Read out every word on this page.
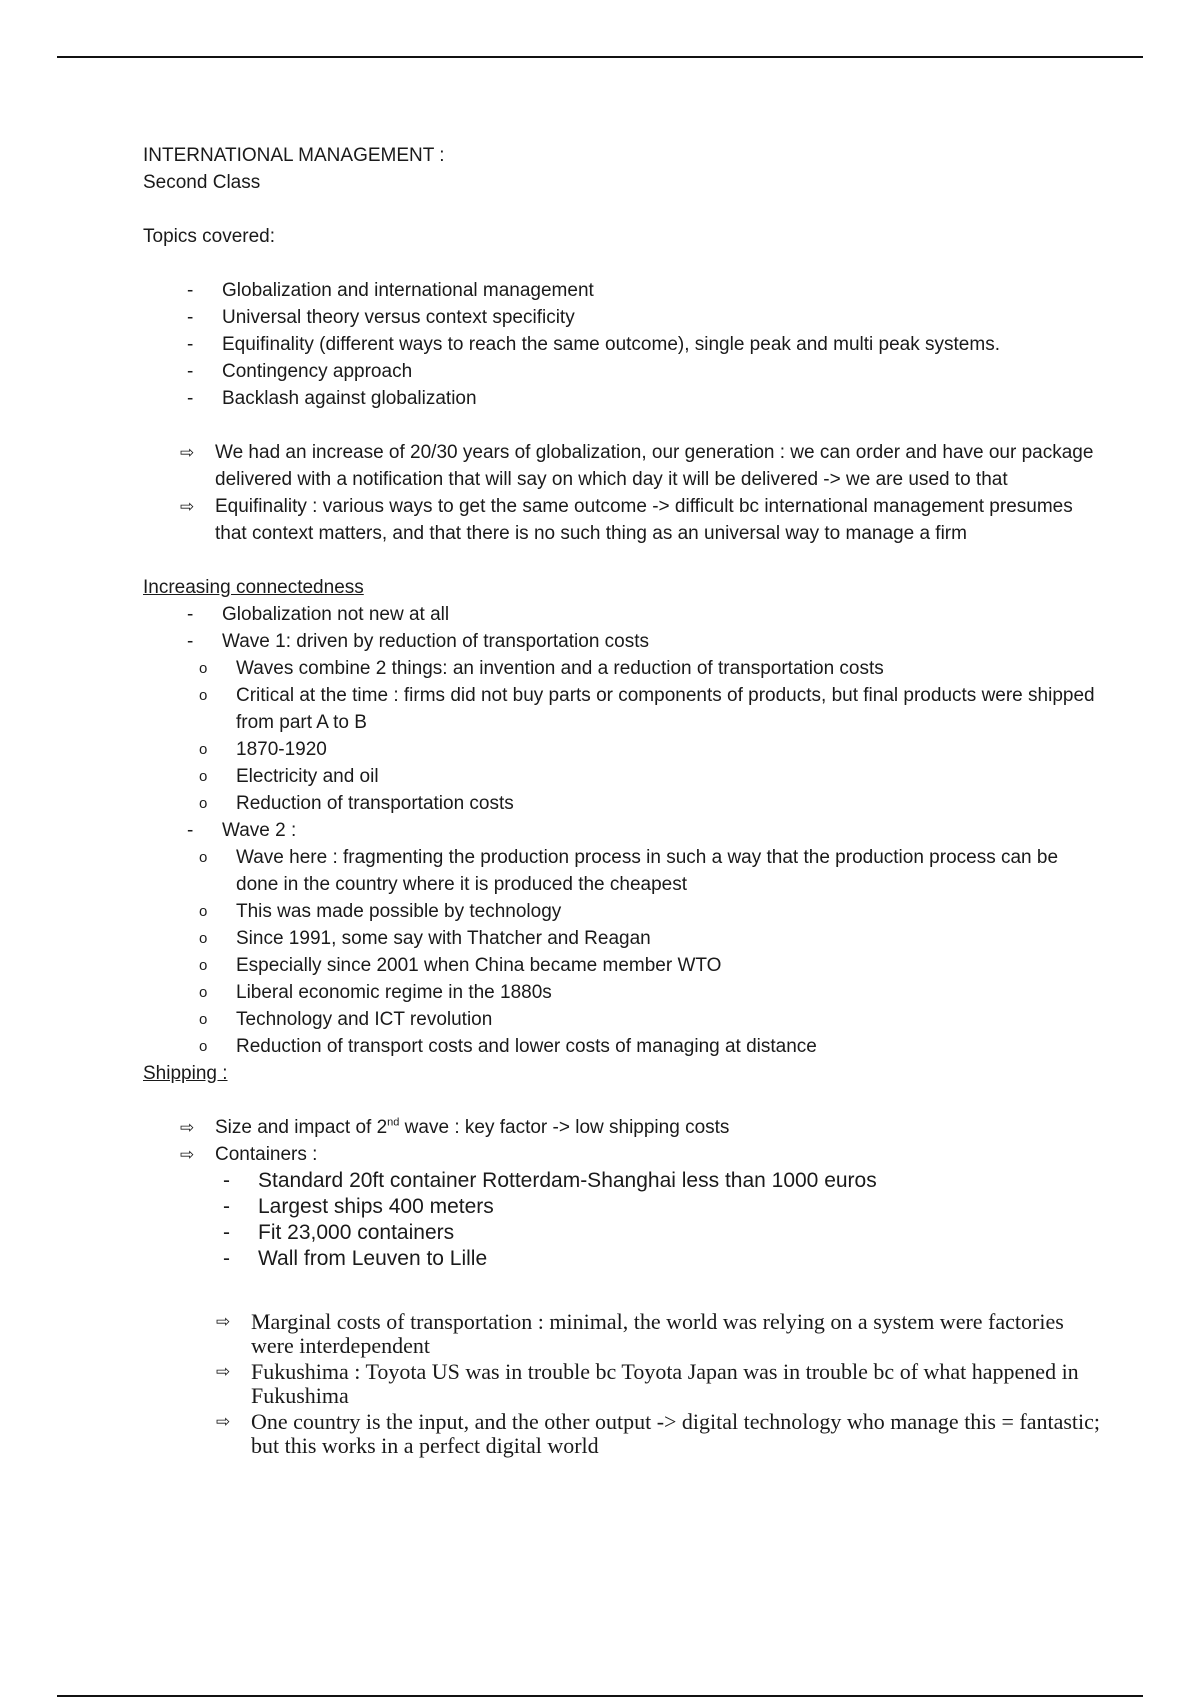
INTERNATIONAL MANAGEMENT :

Second Class

Topics covered:

- Globalization and international management
- Universal theory versus context specificity
- Equifinality (different ways to reach the same outcome), single peak and multi peak systems.
- Contingency approach
- Backlash against globalization
⇨ We had an increase of 20/30 years of globalization, our generation : we can order and have our package delivered with a notification that will say on which day it will be delivered -> we are used to that
⇨ Equifinality : various ways to get the same outcome -> difficult bc international management presumes that context matters, and that there is no such thing as an universal way to manage a firm

Increasing connectedness

- Globalization not new at all
- Wave 1: driven by reduction of transportation costs
o Waves combine 2 things: an invention and a reduction of transportation costs
o Critical at the time : firms did not buy parts or components of products, but final products were shipped from part A to B
o 1870-1920
o Electricity and oil
o Reduction of transportation costs
- Wave 2 :
o Wave here : fragmenting the production process in such a way that the production process can be done in the country where it is produced the cheapest
o This was made possible by technology
o Since 1991, some say with Thatcher and Reagan
o Especially since 2001 when China became member WTO
o Liberal economic regime in the 1880s
o Technology and ICT revolution
o Reduction of transport costs and lower costs of managing at distance

Shipping :

⇨ Size and impact of 2nd wave : key factor -> low shipping costs
⇨ Containers :
- Standard 20ft container Rotterdam-Shanghai less than 1000 euros
- Largest ships 400 meters
- Fit 23,000 containers
- Wall from Leuven to Lille
⇨ Marginal costs of transportation : minimal, the world was relying on a system were factories were interdependent
⇨ Fukushima : Toyota US was in trouble bc Toyota Japan was in trouble bc of what happened in Fukushima
⇨ One country is the input, and the other output -> digital technology who manage this = fantastic; but this works in a perfect digital world
